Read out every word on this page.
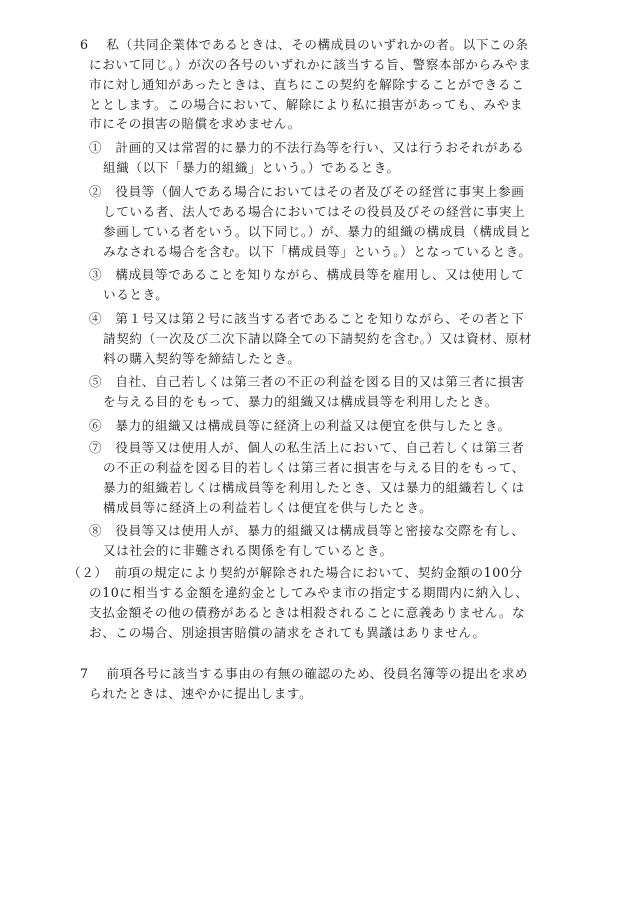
6　 私（共同企業体であるときは、その構成員のいずれかの者。以下この条
において同じ。）が次の各号のいずれかに該当する旨、警察本部からみやま
市に対し通知があったときは、直ちにこの契約を解除することができるこ
ととします。この場合において、解除により私に損害があっても、みやま
市にその損害の賠償を求めません。
①　計画的又は常習的に暴力的不法行為等を行い、又は行うおそれがある
組織（以下「暴力的組織」という。）であるとき。
②　役員等（個人である場合においてはその者及びその経営に事実上参画
している者、法人である場合においてはその役員及びその経営に事実上
参画している者をいう。以下同じ。）が、暴力的組織の構成員（構成員と
みなされる場合を含む。以下「構成員等」という。）となっているとき。
③　構成員等であることを知りながら、構成員等を雇用し、又は使用して
いるとき。
④　第１号又は第２号に該当する者であることを知りながら、その者と下
請契約（一次及び二次下請以降全ての下請契約を含む。）又は資材、原材
料の購入契約等を締結したとき。
⑤　自社、自己若しくは第三者の不正の利益を図る目的又は第三者に損害
を与える目的をもって、暴力的組織又は構成員等を利用したとき。
⑥　暴力的組織又は構成員等に経済上の利益又は便宜を供与したとき。
⑦　役員等又は使用人が、個人の私生活上において、自己若しくは第三者
の不正の利益を図る目的若しくは第三者に損害を与える目的をもって、
暴力的組織若しくは構成員等を利用したとき、又は暴力的組織若しくは
構成員等に経済上の利益若しくは便宜を供与したとき。
⑧　役員等又は使用人が、暴力的組織又は構成員等と密接な交際を有し、
又は社会的に非難される関係を有しているとき。
（２）　前項の規定により契約が解除された場合において、契約金額の100分
の10に相当する金額を違約金としてみやま市の指定する期間内に納入し、
支払金額その他の債務があるときは相殺されることに意義ありません。な
お、この場合、別途損害賠償の請求をされても異議はありません。
7　 前項各号に該当する事由の有無の確認のため、役員名簿等の提出を求め
られたときは、速やかに提出します。
